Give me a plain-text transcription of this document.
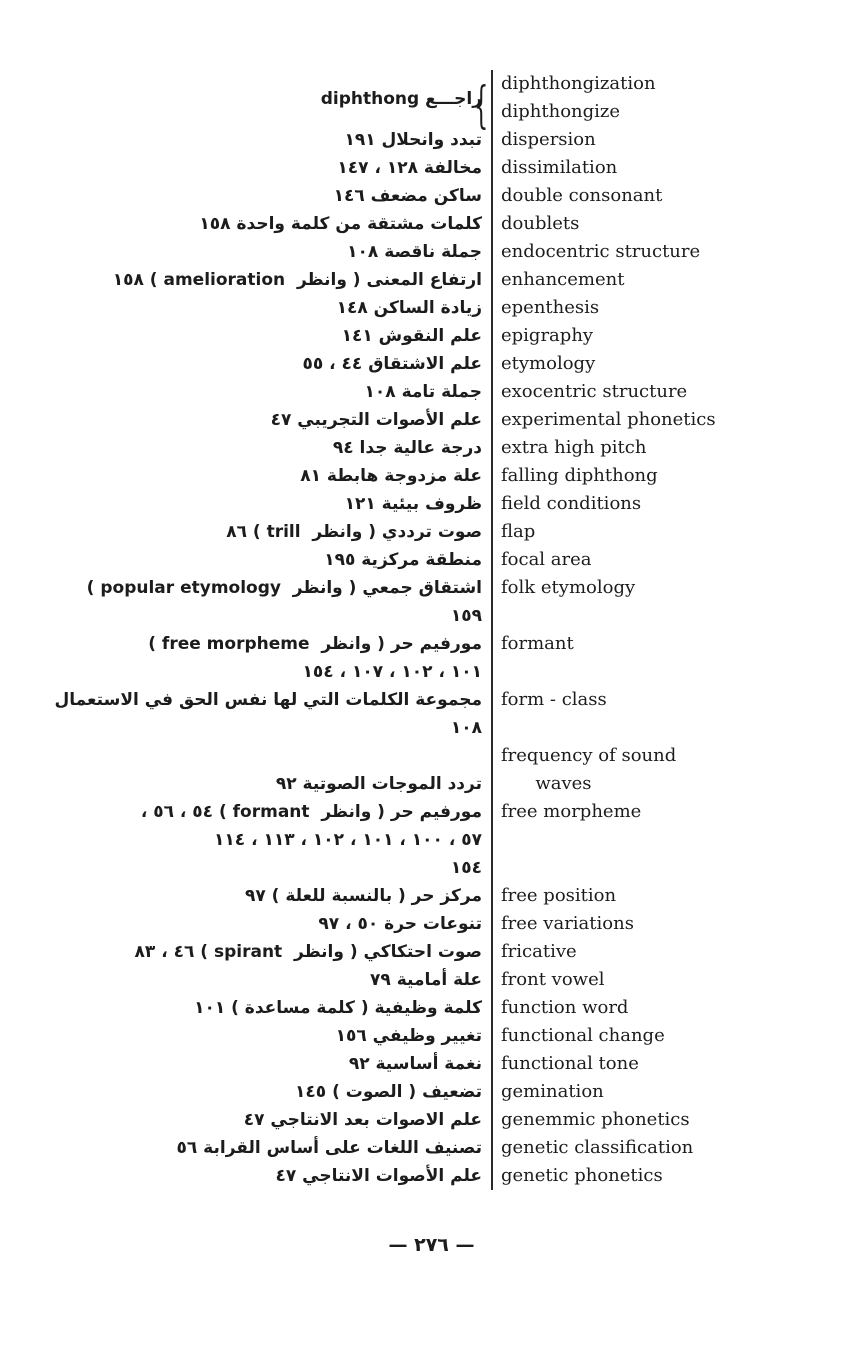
diphthongization
diphthongize
{
راجـــع diphthong
dispersion
تبدد وانحلال ١٩١
dissimilation
مخالفة ١٢٨ ، ١٤٧
double consonant
ساكن مضعف ١٤٦
doublets
كلمات مشتقة من كلمة واحدة ١٥٨
endocentric structure
جملة ناقصة ١٠٨
enhancement
ارتفاع المعنى ( وانظر  amelioration ) ١٥٨
epenthesis
زيادة الساكن ١٤٨
epigraphy
علم النقوش ١٤١
etymology
علم الاشتقاق ٤٤ ، ٥٥
exocentric structure
جملة تامة ١٠٨
experimental phonetics
علم الأصوات التجريبي ٤٧
extra high pitch
درجة عالية جدا ٩٤
falling diphthong
علة مزدوجة هابطة ٨١
field conditions
ظروف بيئية ١٢١
flap
صوت ترددي ( وانظر  trill ) ٨٦
focal area
منطقة مركزية ١٩٥
folk etymology
اشتقاق جمعي ( وانظر  popular etymology )
١٥٩
formant
مورفيم حر ( وانظر  free morpheme )
١٠١ ، ١٠٢ ، ١٠٧ ، ١٥٤
form - class
مجموعة الكلمات التي لها نفس الحق في الاستعمال
١٠٨
frequency of sound
waves
تردد الموجات الصوتية ٩٢
free morpheme
مورفيم حر ( وانظر  formant ) ٥٤ ، ٥٦ ،
٥٧ ، ١٠٠ ، ١٠١ ، ١٠٢ ، ١١٣ ، ١١٤
١٥٤
free position
مركز حر ( بالنسبة للعلة ) ٩٧
free variations
تنوعات حرة ٥٠ ، ٩٧
fricative
صوت احتكاكي ( وانظر  spirant ) ٤٦ ، ٨٣
front vowel
علة أمامية ٧٩
function word
كلمة وظيفية ( كلمة مساعدة ) ١٠١
functional change
تغيير وظيفي ١٥٦
functional tone
نغمة أساسية ٩٢
gemination
تضعيف ( الصوت ) ١٤٥
genemmic phonetics
علم الاصوات بعد الانتاجي ٤٧
genetic classification
تصنيف اللغات على أساس القرابة ٥٦
genetic phonetics
علم الأصوات الانتاجي ٤٧
— ٢٧٦ —
